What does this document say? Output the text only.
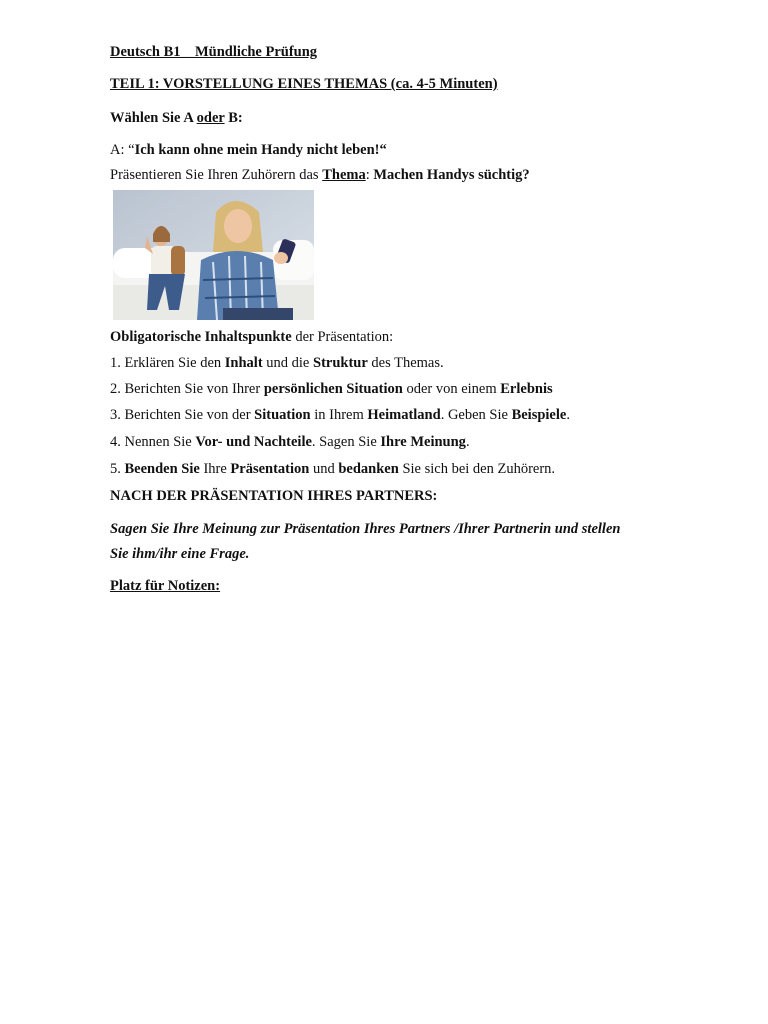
Deutsch B1__Mündliche Prüfung
TEIL 1: VORSTELLUNG EINES THEMAS (ca. 4-5 Minuten)
Wählen Sie A oder B:
A: “Ich kann ohne mein Handy nicht leben!“
Präsentieren Sie Ihren Zuhörern das Thema: Machen Handys süchtig?
Obligatorische Inhaltspunkte der Präsentation:
1. Erklären Sie den Inhalt und die Struktur des Themas.
2. Berichten Sie von Ihrer persönlichen Situation oder von einem Erlebnis
3. Berichten Sie von der Situation in Ihrem Heimatland. Geben Sie Beispiele.
4. Nennen Sie Vor- und Nachteile. Sagen Sie Ihre Meinung.
5. Beenden Sie Ihre Präsentation und bedanken Sie sich bei den Zuhörern.
NACH DER PRÄSENTATION IHRES PARTNERS:
Sagen Sie Ihre Meinung zur Präsentation Ihres Partners /Ihrer Partnerin und stellen
Sie ihm/ihr eine Frage.
Platz für Notizen:
